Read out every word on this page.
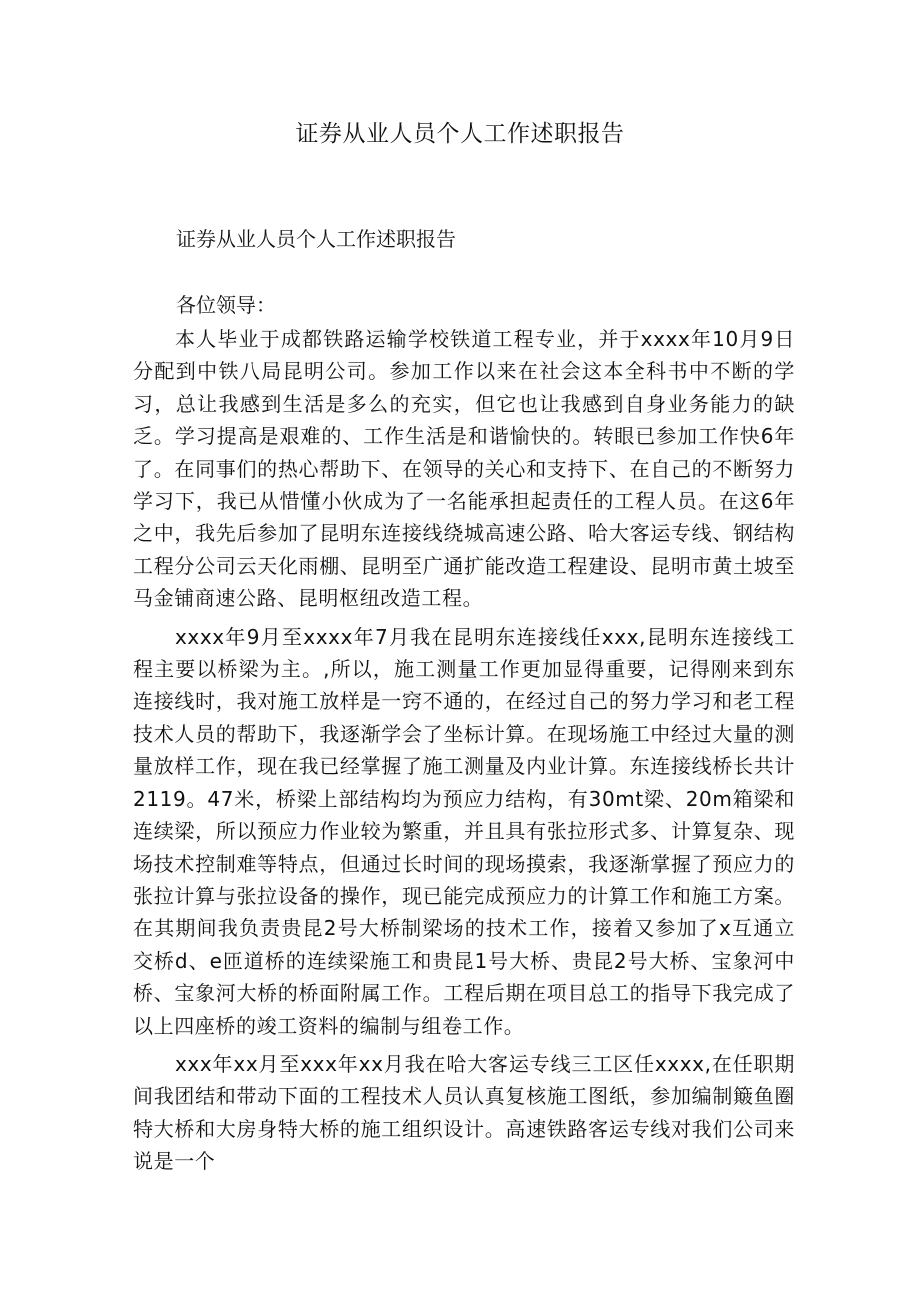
证券从业人员个人工作述职报告

证券从业人员个人工作述职报告

各位领导：

本人毕业于成都铁路运输学校铁道工程专业，并于xxxx年10月9日分配到中铁八局昆明公司。参加工作以来在社会这本全科书中不断的学习，总让我感到生活是多么的充实，但它也让我感到自身业务能力的缺乏。学习提高是艰难的、工作生活是和谐愉快的。转眼已参加工作快6年了。在同事们的热心帮助下、在领导的关心和支持下、在自己的不断努力学习下，我已从惜懂小伙成为了一名能承担起责任的工程人员。在这6年之中，我先后参加了昆明东连接线绕城高速公路、哈大客运专线、钢结构工程分公司云天化雨棚、昆明至广通扩能改造工程建设、昆明市黄土坡至马金铺商速公路、昆明枢纽改造工程。

xxxx年9月至xxxx年7月我在昆明东连接线任xxx,昆明东连接线工程主要以桥梁为主。,所以，施工测量工作更加显得重要，记得刚来到东连接线时，我对施工放样是一窍不通的，在经过自己的努力学习和老工程技术人员的帮助下，我逐渐学会了坐标计算。在现场施工中经过大量的测量放样工作，现在我已经掌握了施工测量及内业计算。东连接线桥长共计2119。47米，桥梁上部结构均为预应力结构，有30mt梁、20m箱梁和连续梁，所以预应力作业较为繁重，并且具有张拉形式多、计算复杂、现场技术控制难等特点，但通过长时间的现场摸索，我逐渐掌握了预应力的张拉计算与张拉设备的操作，现已能完成预应力的计算工作和施工方案。在其期间我负责贵昆2号大桥制梁场的技术工作，接着又参加了x互通立交桥d、e匝道桥的连续梁施工和贵昆1号大桥、贵昆2号大桥、宝象河中桥、宝象河大桥的桥面附属工作。工程后期在项目总工的指导下我完成了以上四座桥的竣工资料的编制与组卷工作。

xxx年xx月至xxx年xx月我在哈大客运专线三工区任xxxx,在任职期间我团结和带动下面的工程技术人员认真复核施工图纸，参加编制簸鱼圈特大桥和大房身特大桥的施工组织设计。高速铁路客运专线对我们公司来说是一个
